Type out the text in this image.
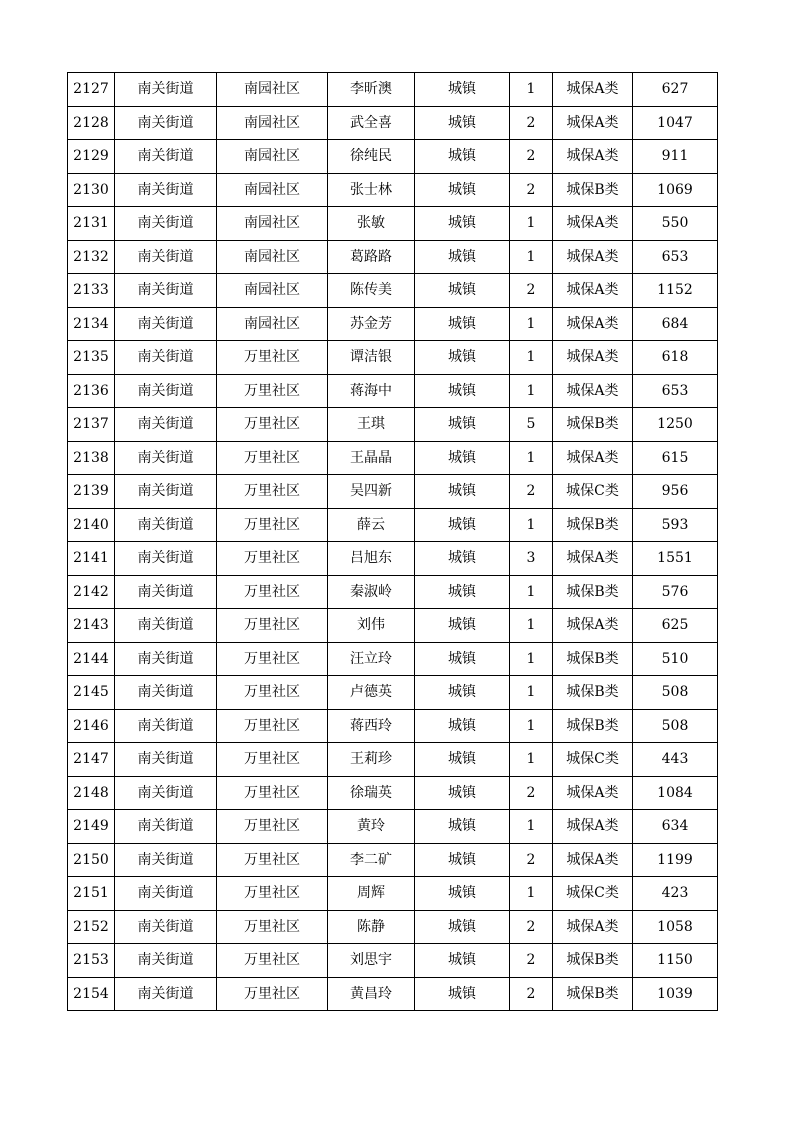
2127	南关街道	南园社区	李昕澳	城镇	1	城保A类	627
2128	南关街道	南园社区	武全喜	城镇	2	城保A类	1047
2129	南关街道	南园社区	徐纯民	城镇	2	城保A类	911
2130	南关街道	南园社区	张士林	城镇	2	城保B类	1069
2131	南关街道	南园社区	张敏	城镇	1	城保A类	550
2132	南关街道	南园社区	葛路路	城镇	1	城保A类	653
2133	南关街道	南园社区	陈传美	城镇	2	城保A类	1152
2134	南关街道	南园社区	苏金芳	城镇	1	城保A类	684
2135	南关街道	万里社区	谭洁银	城镇	1	城保A类	618
2136	南关街道	万里社区	蒋海中	城镇	1	城保A类	653
2137	南关街道	万里社区	王琪	城镇	5	城保B类	1250
2138	南关街道	万里社区	王晶晶	城镇	1	城保A类	615
2139	南关街道	万里社区	吴四新	城镇	2	城保C类	956
2140	南关街道	万里社区	薛云	城镇	1	城保B类	593
2141	南关街道	万里社区	吕旭东	城镇	3	城保A类	1551
2142	南关街道	万里社区	秦淑岭	城镇	1	城保B类	576
2143	南关街道	万里社区	刘伟	城镇	1	城保A类	625
2144	南关街道	万里社区	汪立玲	城镇	1	城保B类	510
2145	南关街道	万里社区	卢德英	城镇	1	城保B类	508
2146	南关街道	万里社区	蒋西玲	城镇	1	城保B类	508
2147	南关街道	万里社区	王莉珍	城镇	1	城保C类	443
2148	南关街道	万里社区	徐瑞英	城镇	2	城保A类	1084
2149	南关街道	万里社区	黄玲	城镇	1	城保A类	634
2150	南关街道	万里社区	李二矿	城镇	2	城保A类	1199
2151	南关街道	万里社区	周辉	城镇	1	城保C类	423
2152	南关街道	万里社区	陈静	城镇	2	城保A类	1058
2153	南关街道	万里社区	刘思宇	城镇	2	城保B类	1150
2154	南关街道	万里社区	黄昌玲	城镇	2	城保B类	1039
